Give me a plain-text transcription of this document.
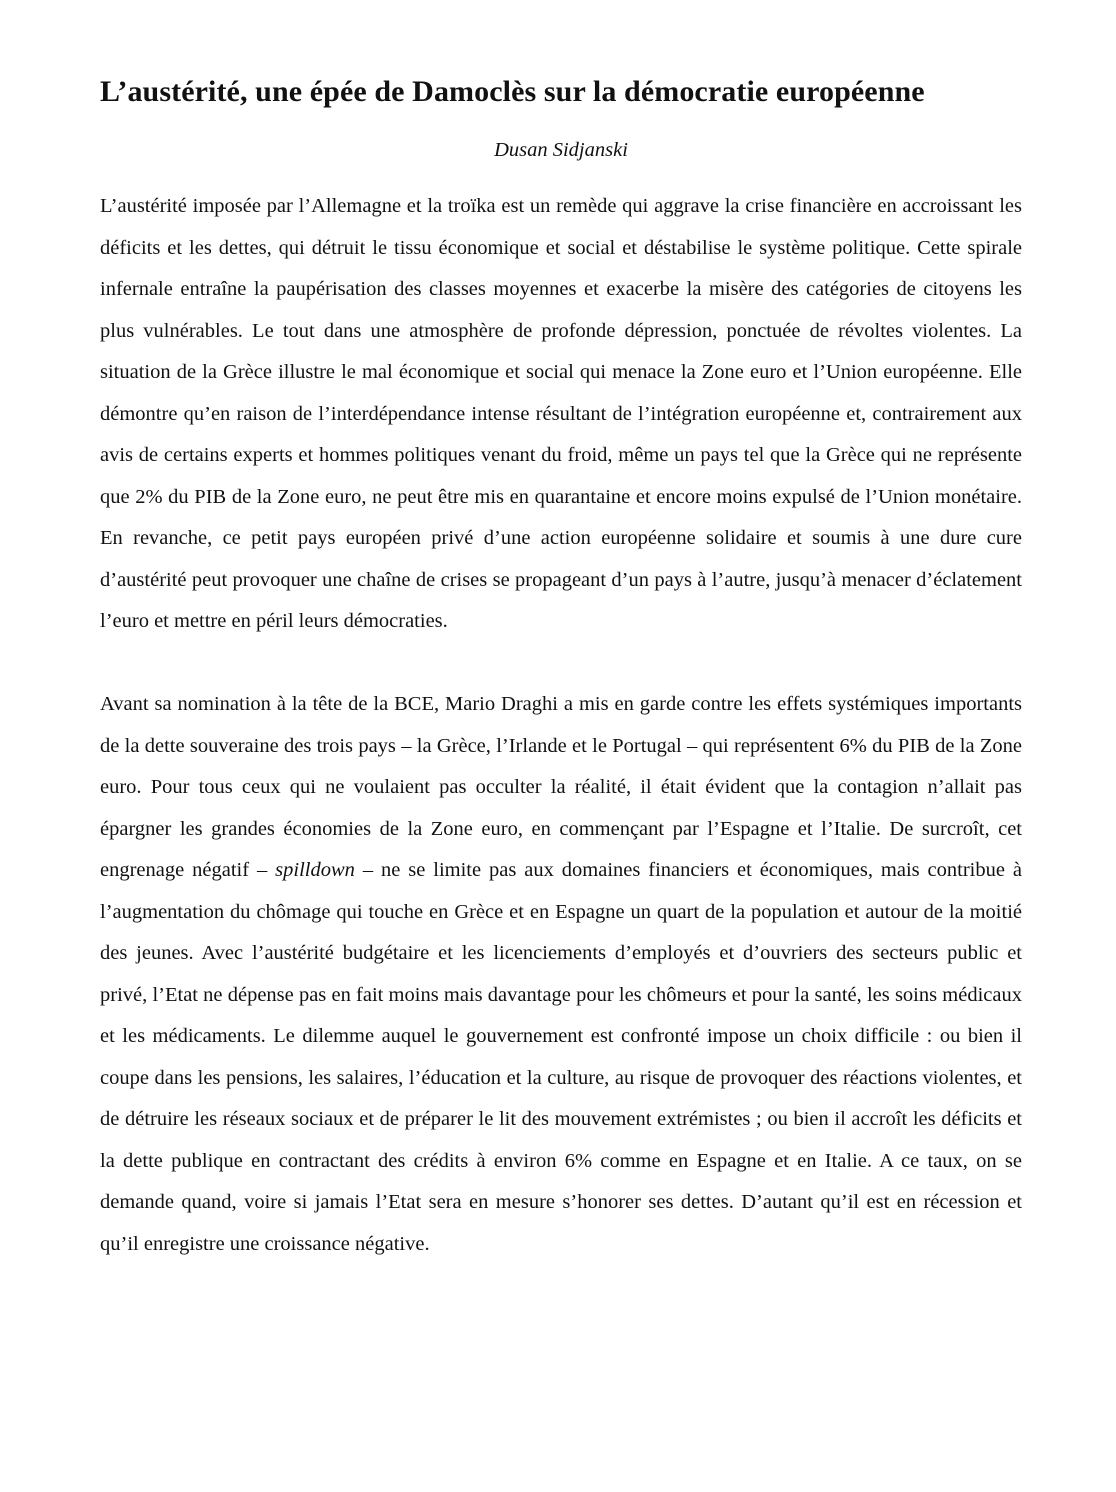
L’austérité, une épée de Damoclès sur la démocratie européenne
Dusan Sidjanski

L’austérité imposée par l’Allemagne et la troïka est un remède qui aggrave la crise financière en accroissant les déficits et les dettes, qui détruit le tissu économique et social et déstabilise le système politique. Cette spirale infernale entraîne la paupérisation des classes moyennes et exacerbe la misère des catégories de citoyens les plus vulnérables. Le tout dans une atmosphère de profonde dépression, ponctuée de révoltes violentes. La situation de la Grèce illustre le mal économique et social qui menace la Zone euro et l’Union européenne. Elle démontre qu’en raison de l’interdépendance intense résultant de l’intégration européenne et, contrairement aux avis de certains experts et hommes politiques venant du froid, même un pays tel que la Grèce qui ne représente que 2% du PIB de la Zone euro, ne peut être mis en quarantaine et encore moins expulsé de l’Union monétaire. En revanche, ce petit pays européen privé d’une action européenne solidaire et soumis à une dure cure d’austérité peut provoquer une chaîne de crises se propageant d’un pays à l’autre, jusqu’à menacer d’éclatement l’euro et mettre en péril leurs démocraties.

Avant sa nomination à la tête de la BCE, Mario Draghi a mis en garde contre les effets systémiques importants de la dette souveraine des trois pays – la Grèce, l’Irlande et le Portugal – qui représentent 6% du PIB de la Zone euro. Pour tous ceux qui ne voulaient pas occulter la réalité, il était évident que la contagion n’allait pas épargner les grandes économies de la Zone euro, en commençant par l’Espagne et l’Italie. De surcroît, cet engrenage négatif – spilldown – ne se limite pas aux domaines financiers et économiques, mais contribue à l’augmentation du chômage qui touche en Grèce et en Espagne un quart de la population et autour de la moitié des jeunes. Avec l’austérité budgétaire et les licenciements d’employés et d’ouvriers des secteurs public et privé, l’Etat ne dépense pas en fait moins mais davantage pour les chômeurs et pour la santé, les soins médicaux et les médicaments. Le dilemme auquel le gouvernement est confronté impose un choix difficile : ou bien il coupe dans les pensions, les salaires, l’éducation et la culture, au risque de provoquer des réactions violentes, et de détruire les réseaux sociaux et de préparer le lit des mouvement extrémistes ; ou bien il accroît les déficits et la dette publique en contractant des crédits à environ 6% comme en Espagne et en Italie. A ce taux, on se demande quand, voire si jamais l’Etat sera en mesure s’honorer ses dettes. D’autant qu’il est en récession et qu’il enregistre une croissance négative.
